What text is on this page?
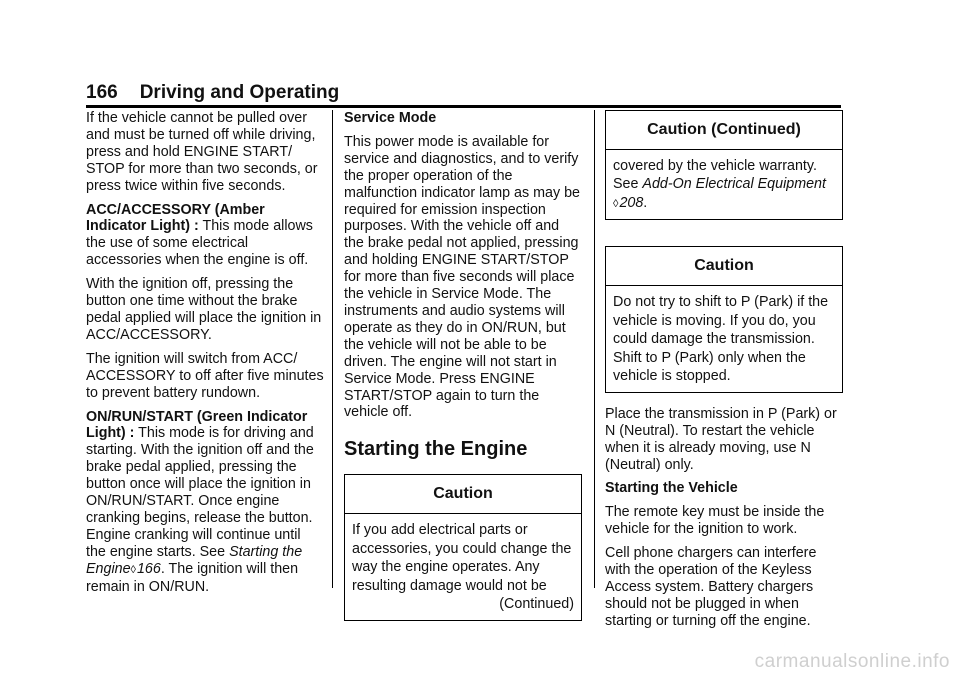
166 Driving and Operating

If the vehicle cannot be pulled over and must be turned off while driving, press and hold ENGINE START/ STOP for more than two seconds, or press twice within five seconds.

ACC/ACCESSORY (Amber Indicator Light) : This mode allows the use of some electrical accessories when the engine is off.

With the ignition off, pressing the button one time without the brake pedal applied will place the ignition in ACC/ACCESSORY.

The ignition will switch from ACC/ ACCESSORY to off after five minutes to prevent battery rundown.

ON/RUN/START (Green Indicator Light) : This mode is for driving and starting. With the ignition off and the brake pedal applied, pressing the button once will place the ignition in ON/RUN/START. Once engine cranking begins, release the button. Engine cranking will continue until the engine starts. See Starting the Engine◊166. The ignition will then remain in ON/RUN.

Service Mode

This power mode is available for service and diagnostics, and to verify the proper operation of the malfunction indicator lamp as may be required for emission inspection purposes. With the vehicle off and the brake pedal not applied, pressing and holding ENGINE START/STOP for more than five seconds will place the vehicle in Service Mode. The instruments and audio systems will operate as they do in ON/RUN, but the vehicle will not be able to be driven. The engine will not start in Service Mode. Press ENGINE START/STOP again to turn the vehicle off.

Starting the Engine
Caution

If you add electrical parts or accessories, you could change the way the engine operates. Any resulting damage would not be

(Continued)

Caution (Continued)

covered by the vehicle warranty. See Add-On Electrical Equipment
◊208.

Caution

Do not try to shift to P (Park) if the vehicle is moving. If you do, you could damage the transmission. Shift to P (Park) only when the vehicle is stopped.

Place the transmission in P (Park) or N (Neutral). To restart the vehicle when it is already moving, use N (Neutral) only.

Starting the Vehicle

The remote key must be inside the vehicle for the ignition to work.

Cell phone chargers can interfere with the operation of the Keyless Access system. Battery chargers should not be plugged in when starting or turning off the engine.

carmanualsonline.info
